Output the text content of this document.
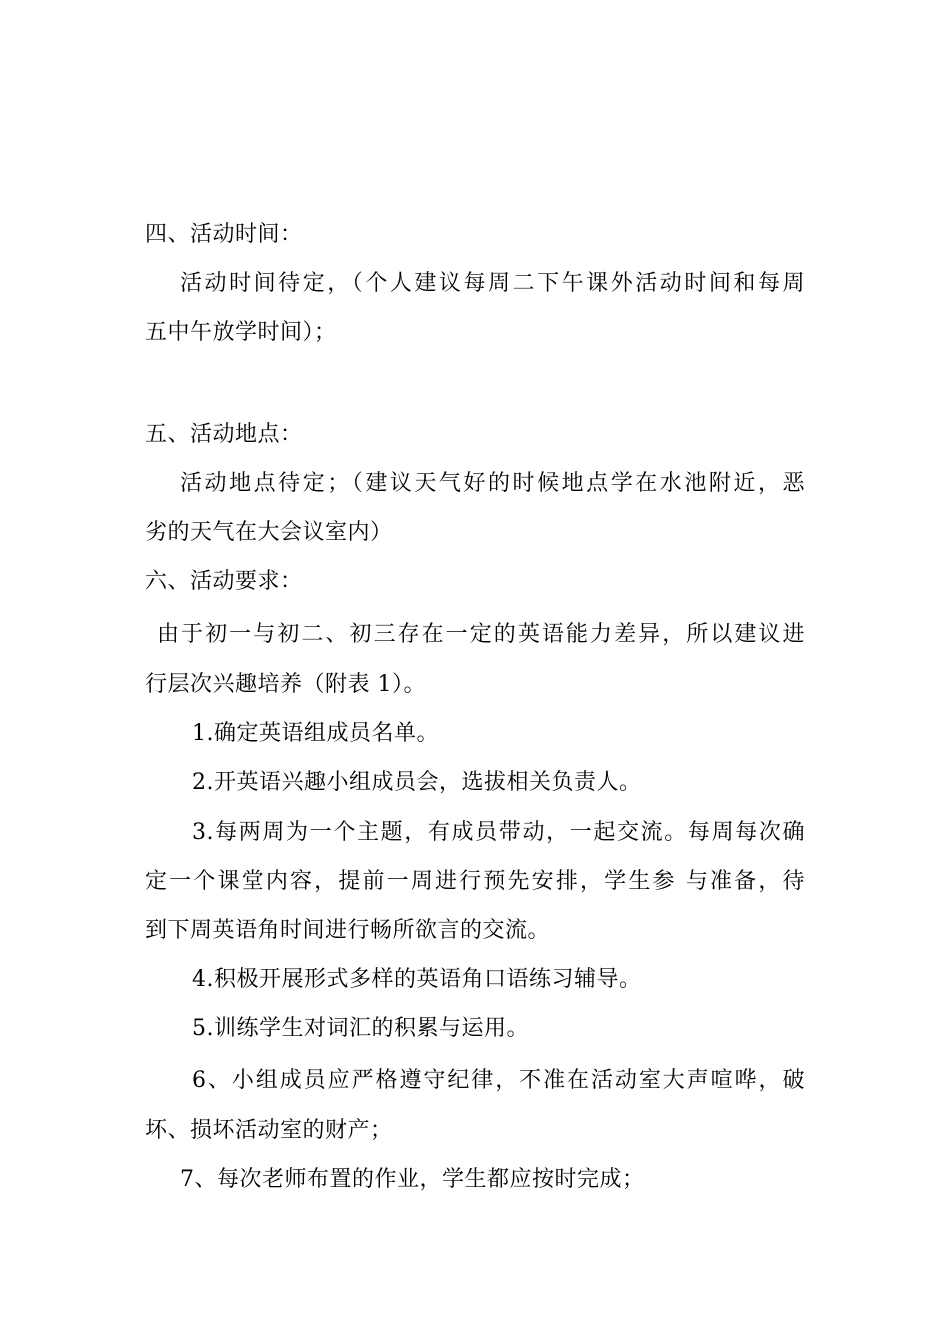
四、活动时间：
活动时间待定，（个人建议每周二下午课外活动时间和每周
五中午放学时间）；
五、活动地点：
活动地点待定；（建议天气好的时候地点学在水池附近，恶
劣的天气在大会议室内）
六、活动要求：
由于初一与初二、初三存在一定的英语能力差异，所以建议进
行层次兴趣培养（附表 1）。
1.确定英语组成员名单。
2.开英语兴趣小组成员会，选拔相关负责人。
3.每两周为一个主题，有成员带动，一起交流。每周每次确
定一个课堂内容，提前一周进行预先安排，学生参 与准备，待
到下周英语角时间进行畅所欲言的交流。
4.积极开展形式多样的英语角口语练习辅导。
5.训练学生对词汇的积累与运用。
6、小组成员应严格遵守纪律，不准在活动室大声喧哗，破
坏、损坏活动室的财产；
7、每次老师布置的作业，学生都应按时完成；
